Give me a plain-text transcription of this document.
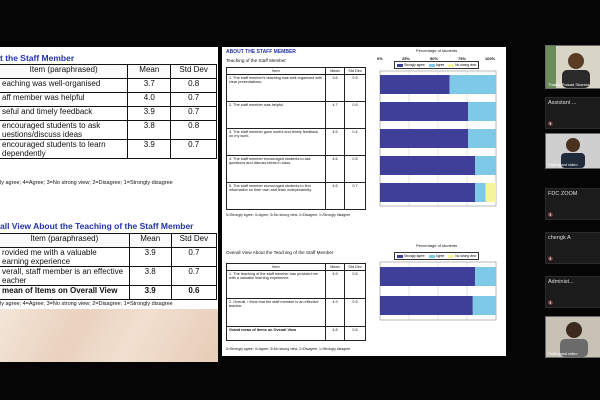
t the Staff Member
Item (paraphrased)	Mean	Std Dev
eaching was well-organised	3.7	0.8
aff member was helpful	4.0	0.7
seful and timely feedback	3.9	0.7
encouraged students to ask
uestions/discuss ideas	3.8	0.8
encouraged students to learn
dependently	3.9	0.7
ly agree; 4=Agree; 3=No strong view; 2=Disagree; 1=Strongly disagree
all View About the Teaching of the Staff Member
Item (paraphrased)	Mean	Std Dev
rovided me with a valuable
earning experience	3.9	0.7
verall, staff member is an effective
eacher	3.8	0.7
mean of Items on Overall View	3.9	0.6
ly agree; 4=Agree; 3=No strong view; 2=Disagree; 1=Strongly disagree
ABOUT THE STAFF MEMBER
Teaching of the Staff Member
Item	Mean	Std Dev
1. The staff member's teaching was well-organised with clear presentations.	3.6	0.5
2. The staff member was helpful.	4.7	0.5
3. The staff member gave useful and timely feedback on my work.	4.6	0.4
4. The staff member encouraged students to ask questions and discuss ideas in class.	4.6	0.5
5. The staff member encouraged students to find information on their own and learn independently.	4.6	0.7
5=Strongly agree; 4=Agree; 3=No strong view; 2=Disagree; 1=Strongly disagree
Overall View About the Teaching of the Staff Member
Item	Mean	Std Dev
1. The teaching of the staff member has provided me with a valuable learning experience.	4.9	0.5
2. Overall, I think that the staff member is an effective teacher.	4.9	0.5
Grand mean of items on Overall View	4.8	0.5
5=Strongly agree; 4=Agree; 3=No strong view; 2=Disagree; 1=Strongly disagree
Percentage of students
0%	25%	50%	75%	100%
Strongly agree	Agree	No strong view
Percentage of students
Strongly agree	Agree	No strong view
Thakur Prasad Sharma
Assistant ...
🔇
Participant video
FDC ZOOM
🔇
chengk A
🔇
Administ...
🔇
Participant video
